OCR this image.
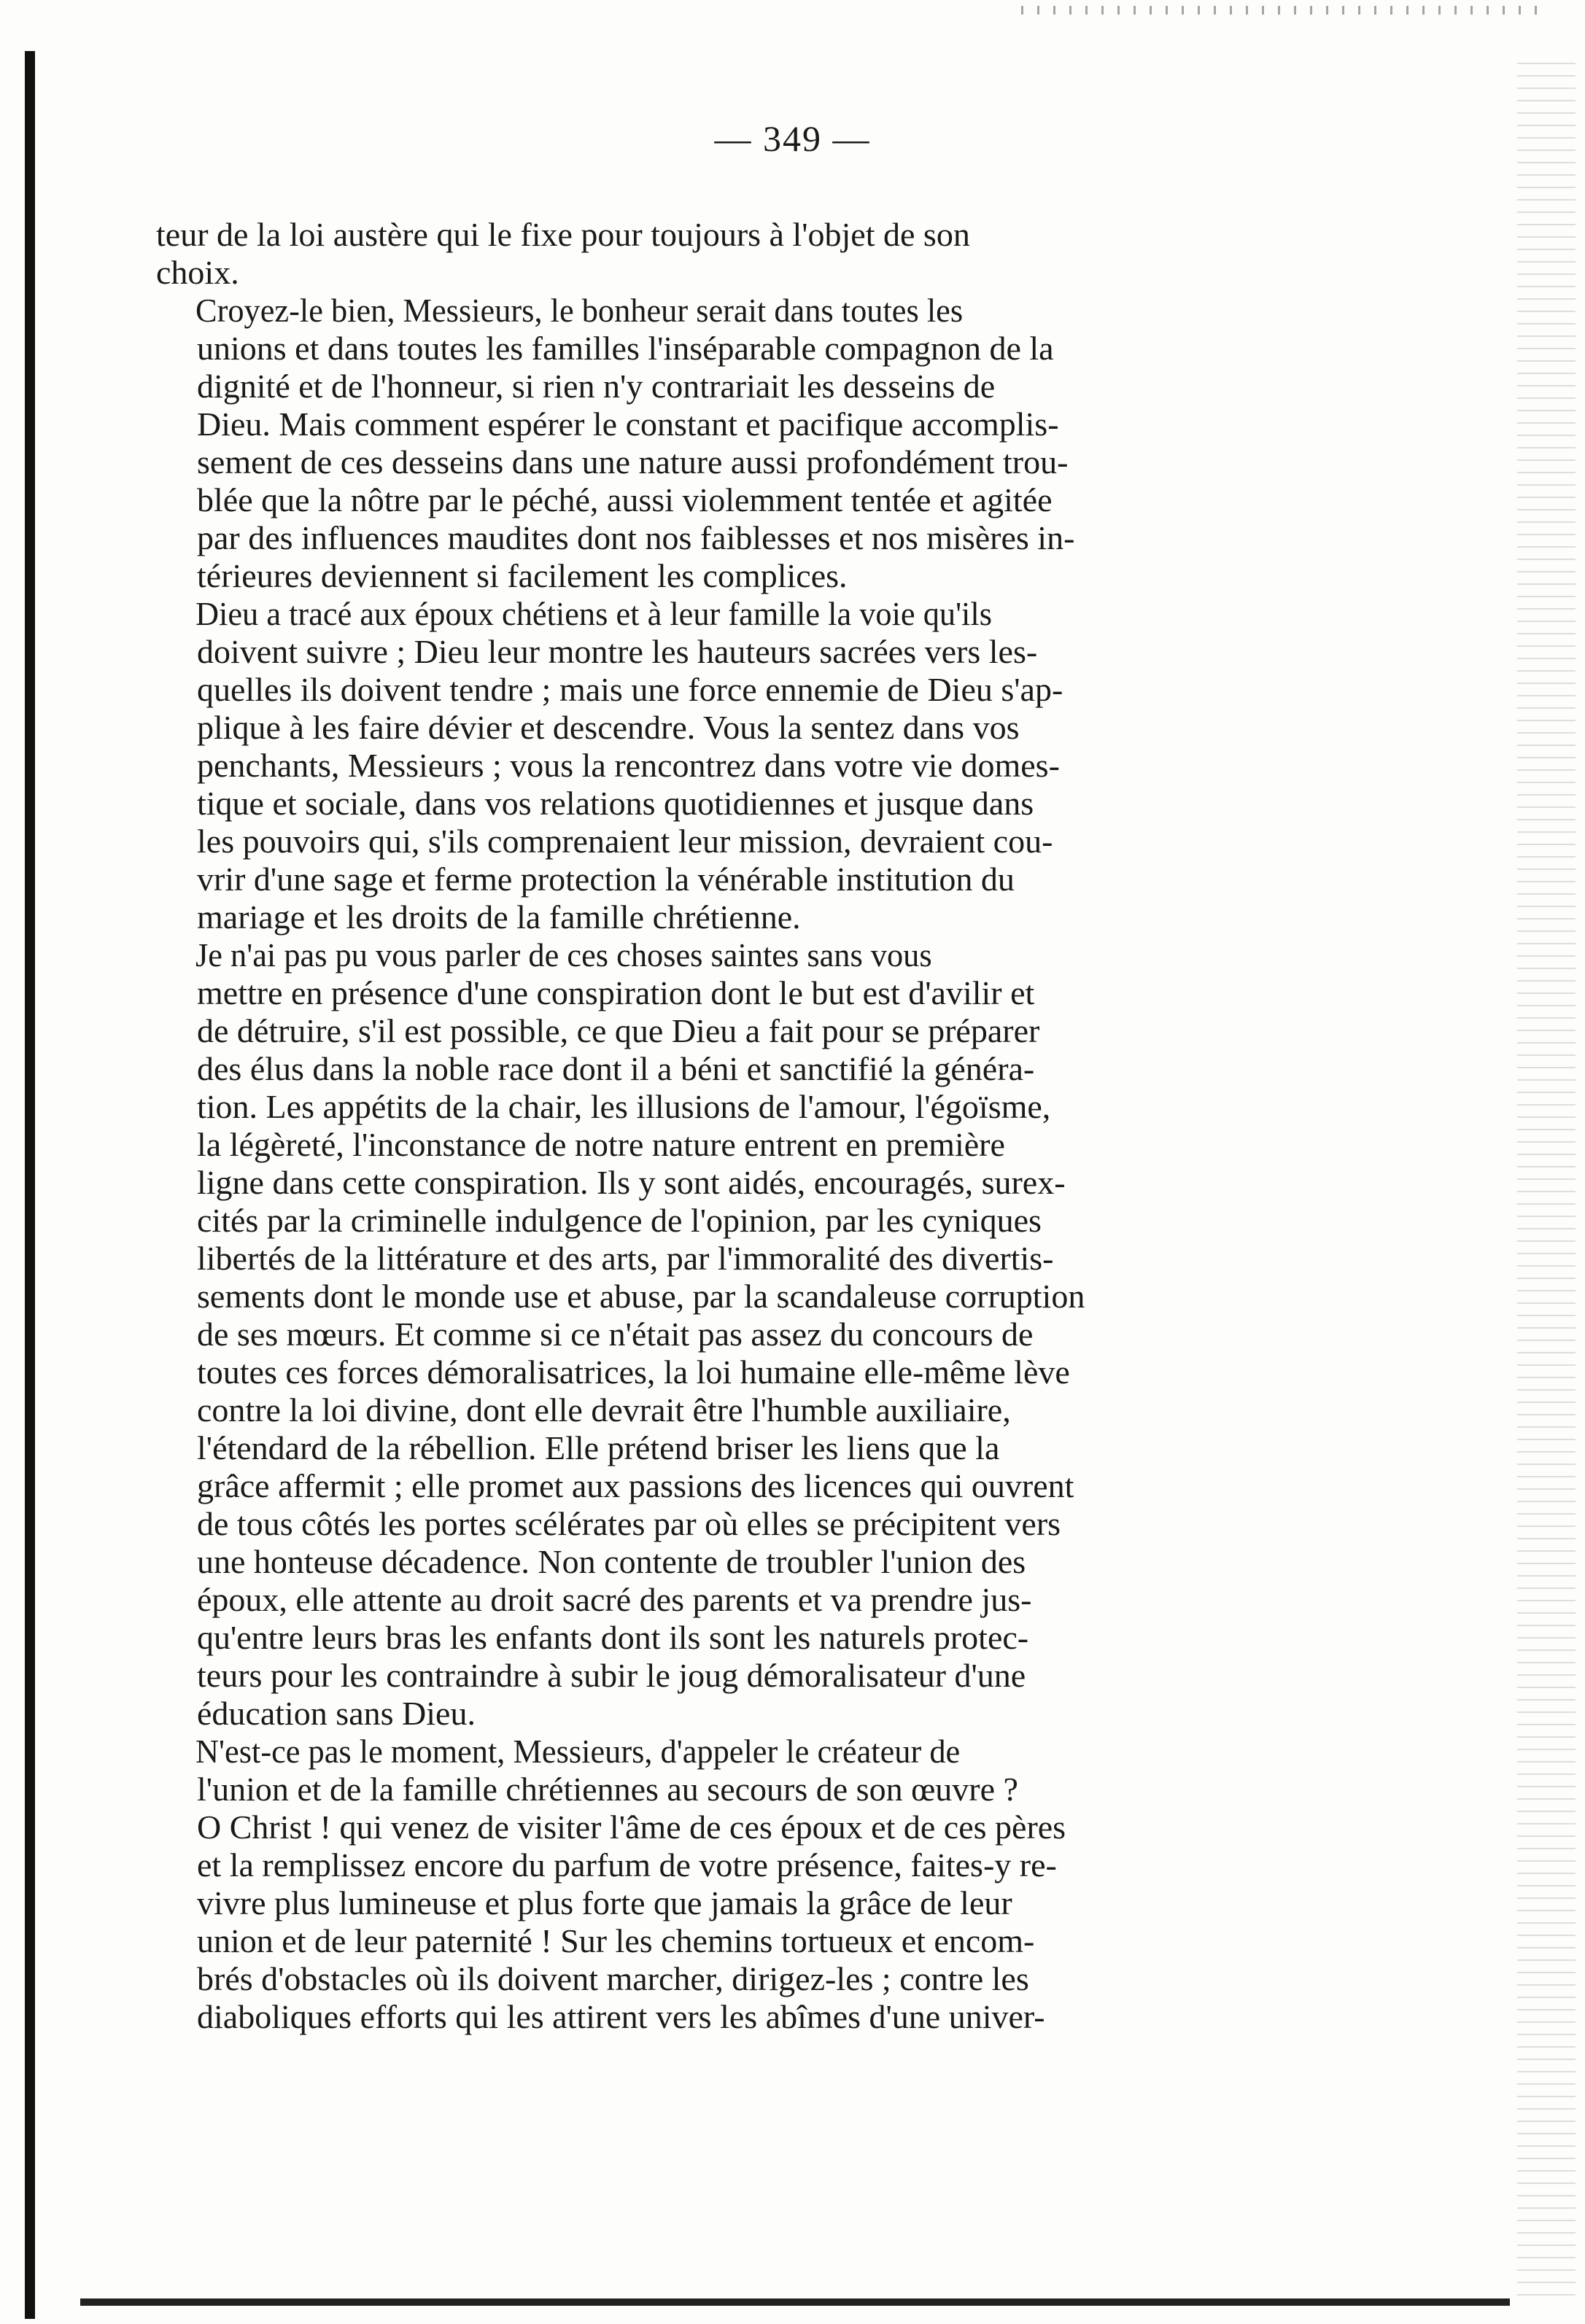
— 349 —

teur de la loi austère qui le fixe pour toujours à l'objet de son
choix.

Croyez-le bien, Messieurs, le bonheur serait dans toutes les
unions et dans toutes les familles l'inséparable compagnon de la
dignité et de l'honneur, si rien n'y contrariait les desseins de
Dieu. Mais comment espérer le constant et pacifique accomplis-
sement de ces desseins dans une nature aussi profondément trou-
blée que la nôtre par le péché, aussi violemment tentée et agitée
par des influences maudites dont nos faiblesses et nos misères in-
térieures deviennent si facilement les complices.

Dieu a tracé aux époux chétiens et à leur famille la voie qu'ils
doivent suivre ; Dieu leur montre les hauteurs sacrées vers les-
quelles ils doivent tendre ; mais une force ennemie de Dieu s'ap-
plique à les faire dévier et descendre. Vous la sentez dans vos
penchants, Messieurs ; vous la rencontrez dans votre vie domes-
tique et sociale, dans vos relations quotidiennes et jusque dans
les pouvoirs qui, s'ils comprenaient leur mission, devraient cou-
vrir d'une sage et ferme protection la vénérable institution du
mariage et les droits de la famille chrétienne.

Je n'ai pas pu vous parler de ces choses saintes sans vous
mettre en présence d'une conspiration dont le but est d'avilir et
de détruire, s'il est possible, ce que Dieu a fait pour se préparer
des élus dans la noble race dont il a béni et sanctifié la généra-
tion. Les appétits de la chair, les illusions de l'amour, l'égoïsme,
la légèreté, l'inconstance de notre nature entrent en première
ligne dans cette conspiration. Ils y sont aidés, encouragés, surex-
cités par la criminelle indulgence de l'opinion, par les cyniques
libertés de la littérature et des arts, par l'immoralité des divertis-
sements dont le monde use et abuse, par la scandaleuse corruption
de ses mœurs. Et comme si ce n'était pas assez du concours de
toutes ces forces démoralisatrices, la loi humaine elle-même lève
contre la loi divine, dont elle devrait être l'humble auxiliaire,
l'étendard de la rébellion. Elle prétend briser les liens que la
grâce affermit ; elle promet aux passions des licences qui ouvrent
de tous côtés les portes scélérates par où elles se précipitent vers
une honteuse décadence. Non contente de troubler l'union des
époux, elle attente au droit sacré des parents et va prendre jus-
qu'entre leurs bras les enfants dont ils sont les naturels protec-
teurs pour les contraindre à subir le joug démoralisateur d'une
éducation sans Dieu.

N'est-ce pas le moment, Messieurs, d'appeler le créateur de
l'union et de la famille chrétiennes au secours de son œuvre ?
O Christ ! qui venez de visiter l'âme de ces époux et de ces pères
et la remplissez encore du parfum de votre présence, faites-y re-
vivre plus lumineuse et plus forte que jamais la grâce de leur
union et de leur paternité ! Sur les chemins tortueux et encom-
brés d'obstacles où ils doivent marcher, dirigez-les ; contre les
diaboliques efforts qui les attirent vers les abîmes d'une univer-
